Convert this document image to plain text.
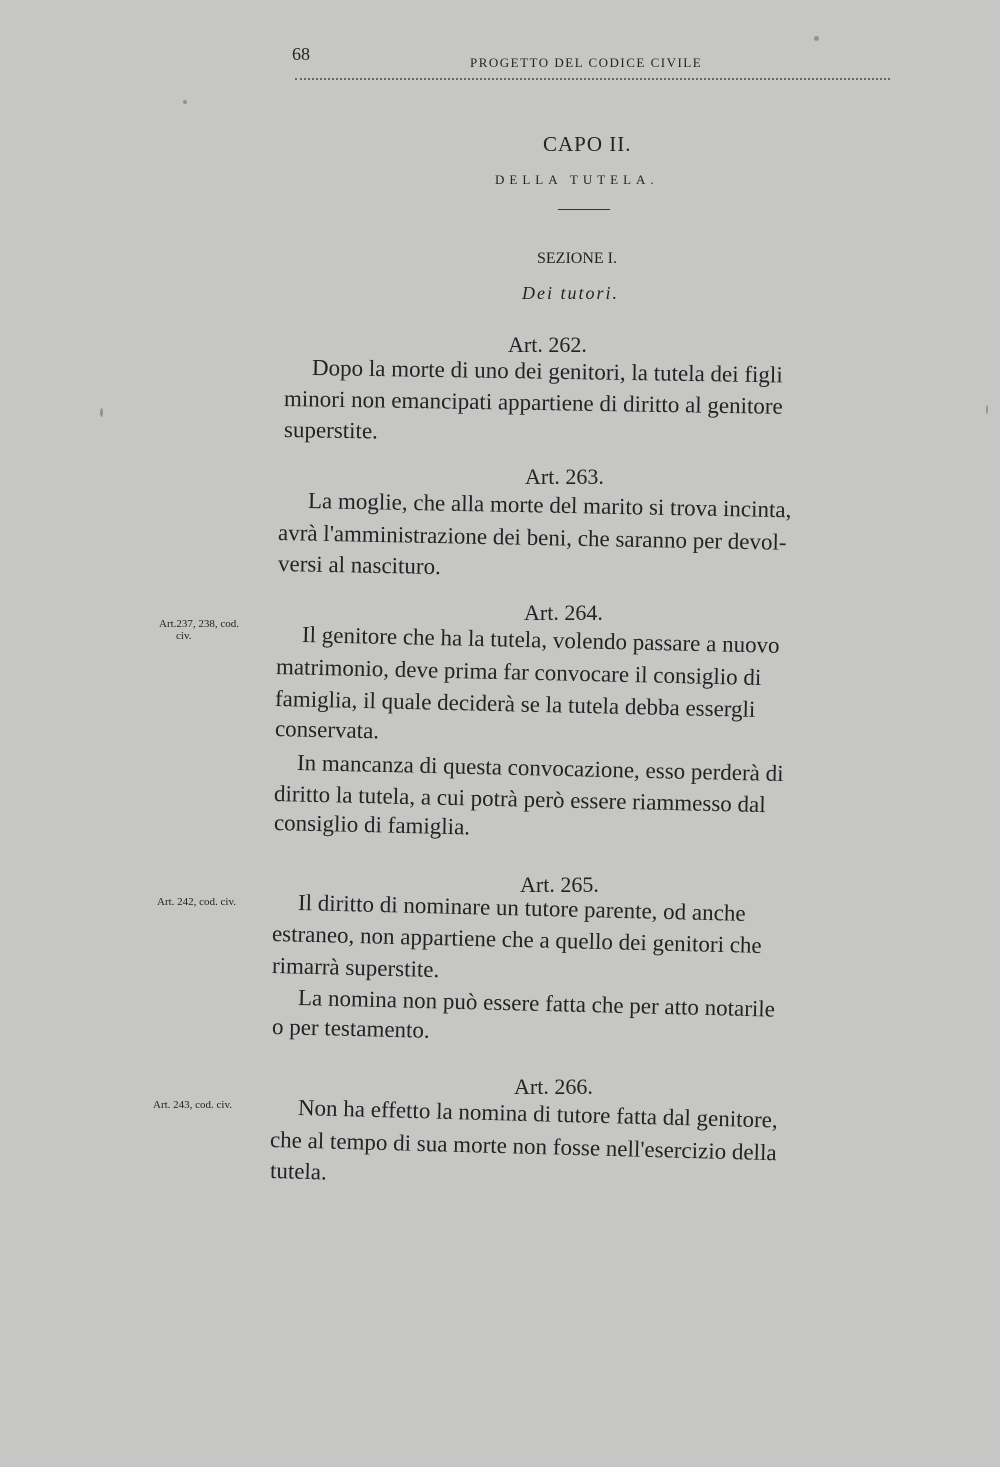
68	PROGETTO DEL CODICE CIVILE
CAPO II.
DELLA TUTELA.
SEZIONE I.
Dei tutori.
Art. 262.
Dopo la morte di uno dei genitori, la tutela dei figli
minori non emancipati appartiene di diritto al genitore
superstite.
Art. 263.
La moglie, che alla morte del marito si trova incinta,
avrà l'amministrazione dei beni, che saranno per devol-
versi al nascituro.
Art.237, 238, cod.
civ.
Art. 264.
Il genitore che ha la tutela, volendo passare a nuovo
matrimonio, deve prima far convocare il consiglio di
famiglia, il quale deciderà se la tutela debba essergli
conservata.
In mancanza di questa convocazione, esso perderà di
diritto la tutela, a cui potrà però essere riammesso dal
consiglio di famiglia.
Art. 242, cod. civ.
Art. 265.
Il diritto di nominare un tutore parente, od anche
estraneo, non appartiene che a quello dei genitori che
rimarrà superstite.
La nomina non può essere fatta che per atto notarile
o per testamento.
Art. 243, cod. civ.
Art. 266.
Non ha effetto la nomina di tutore fatta dal genitore,
che al tempo di sua morte non fosse nell'esercizio della
tutela.
